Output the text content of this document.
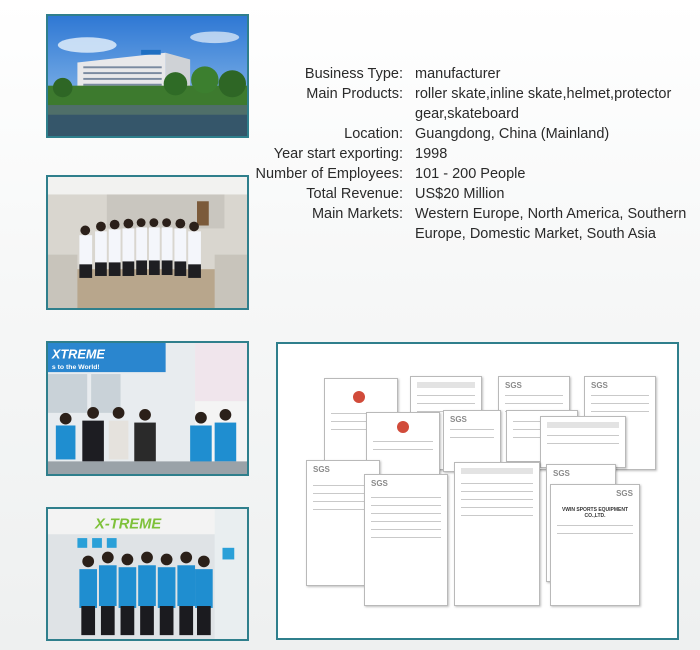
Business Type: manufacturer
Main Products: roller skate,inline skate,helmet,protector gear,skateboard
Location: Guangdong, China (Mainland)
Year start exporting: 1998
Number of Employees: 101 - 200 People
Total Revenue: US$20 Million
Main Markets: Western Europe, North America, Southern Europe, Domestic Market, South Asia
XTREME
s to the World!
X-TREME
SGS	SGS
SGS
SGS
SGS
SGS
SGS
VWIN SPORTS EQUIPMENT CO.,LTD.
